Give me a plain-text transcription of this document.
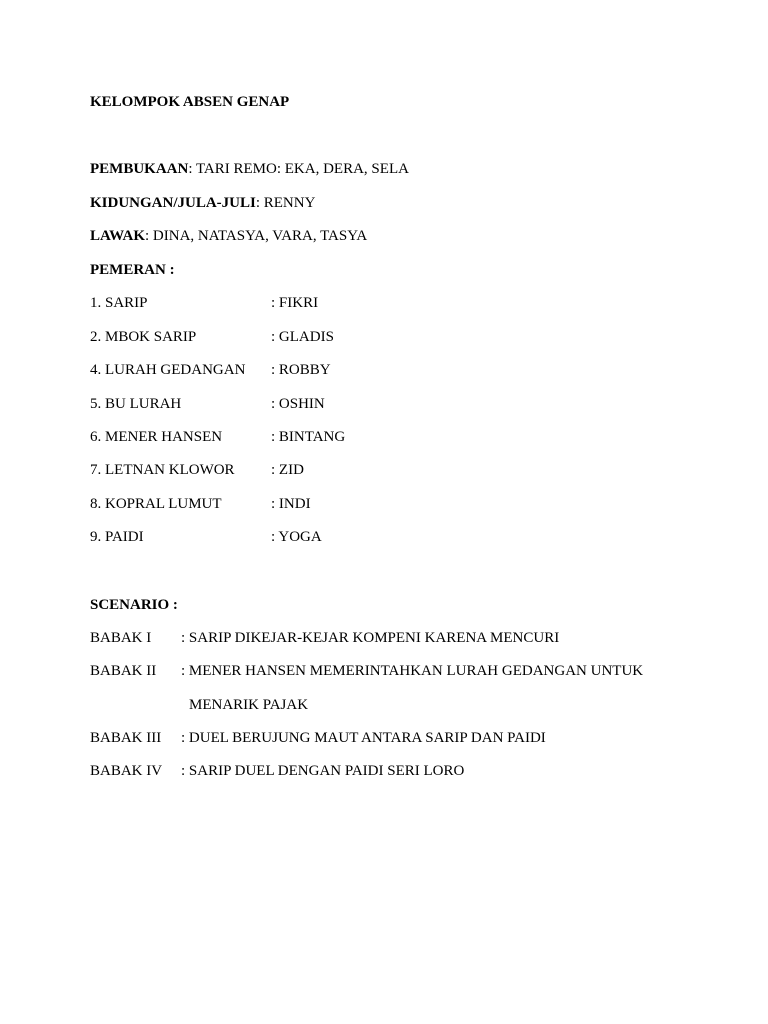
KELOMPOK ABSEN GENAP
PEMBUKAAN: TARI REMO: EKA, DERA, SELA
KIDUNGAN/JULA-JULI: RENNY
LAWAK: DINA, NATASYA, VARA, TASYA
PEMERAN :
1. SARIP	: FIKRI
2. MBOK SARIP	: GLADIS
4. LURAH GEDANGAN : ROBBY
5. BU LURAH	: OSHIN
6. MENER HANSEN	: BINTANG
7. LETNAN KLOWOR : ZID
8. KOPRAL LUMUT	: INDI
9. PAIDI	: YOGA
SCENARIO :
BABAK I : SARIP DIKEJAR-KEJAR KOMPENI KARENA MENCURI
BABAK II : MENER HANSEN MEMERINTAHKAN LURAH GEDANGAN UNTUK
MENARIK PAJAK
BABAK III : DUEL BERUJUNG MAUT ANTARA SARIP DAN PAIDI
BABAK IV : SARIP DUEL DENGAN PAIDI SERI LORO
